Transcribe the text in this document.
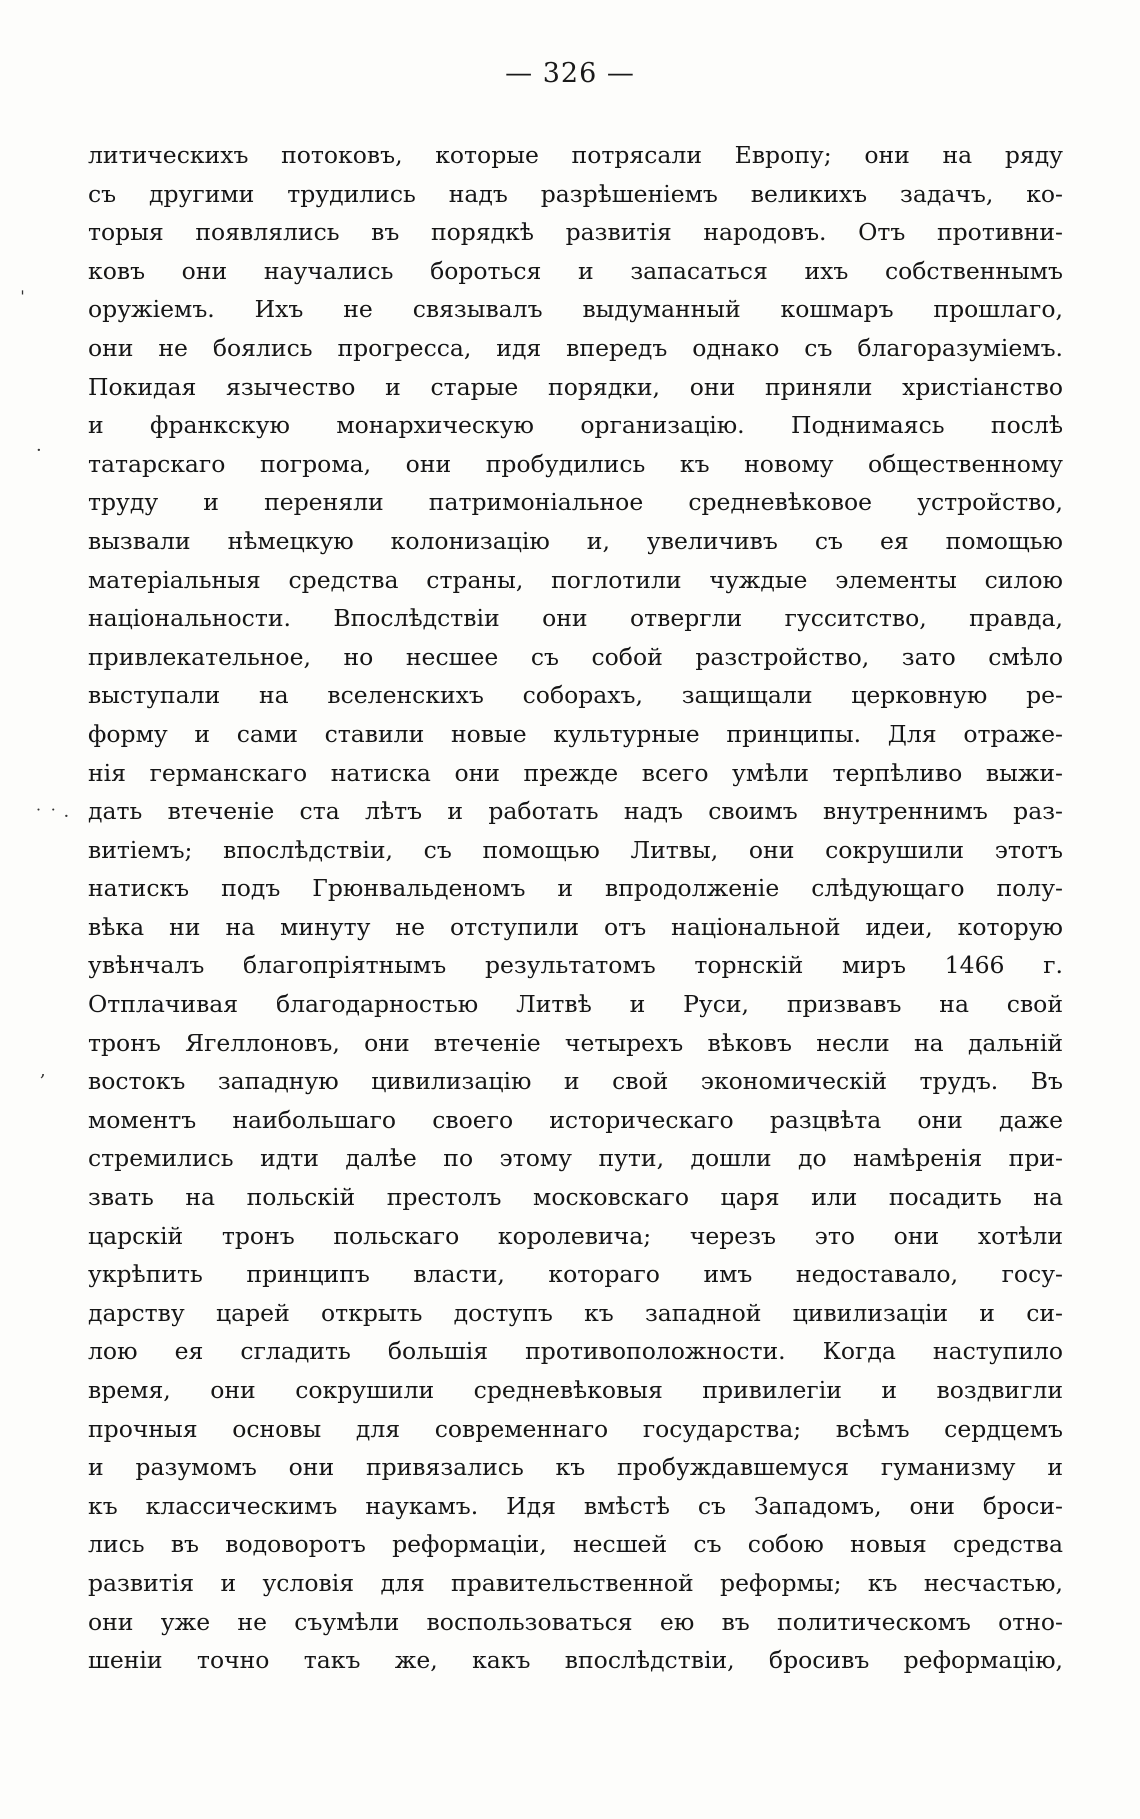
— 326 —
ˈ
·
˙ ˙ ·
,
литическихъ потоковъ, которые потрясали Европу; они на ряду
съ другими трудились надъ разрѣшеніемъ великихъ задачъ, ко-
торыя появлялись въ порядкѣ развитія народовъ. Отъ противни-
ковъ они научались бороться и запасаться ихъ собственнымъ
оружіемъ. Ихъ не связывалъ выдуманный кошмаръ прошлаго,
они не боялись прогресса, идя впередъ однако съ благоразуміемъ.
Покидая язычество и старые порядки, они приняли христіанство
и франкскую монархическую организацію. Поднимаясь послѣ
татарскаго погрома, они пробудились къ новому общественному
труду и переняли патримоніальное средневѣковое устройство,
вызвали нѣмецкую колонизацію и, увеличивъ съ ея помощью
матеріальныя средства страны, поглотили чуждые элементы силою
національности. Впослѣдствіи они отвергли гусситство, правда,
привлекательное, но несшее съ собой разстройство, зато смѣло
выступали на вселенскихъ соборахъ, защищали церковную ре-
форму и сами ставили новые культурные принципы. Для отраже-
нія германскаго натиска они прежде всего умѣли терпѣливо выжи-
дать втеченіе ста лѣтъ и работать надъ своимъ внутреннимъ раз-
витіемъ; впослѣдствіи, съ помощью Литвы, они сокрушили этотъ
натискъ подъ Грюнвальденомъ и впродолженіе слѣдующаго полу-
вѣка ни на минуту не отступили отъ національной идеи, которую
увѣнчалъ благопріятнымъ результатомъ торнскій миръ 1466 г.
Отплачивая благодарностью Литвѣ и Руси, призвавъ на свой
тронъ Ягеллоновъ, они втеченіе четырехъ вѣковъ несли на дальній
востокъ западную цивилизацію и свой экономическій трудъ. Въ
моментъ наибольшаго своего историческаго разцвѣта они даже
стремились идти далѣе по этому пути, дошли до намѣренія при-
звать на польскій престолъ московскаго царя или посадить на
царскій тронъ польскаго королевича; черезъ это они хотѣли
укрѣпить принципъ власти, котораго имъ недоставало, госу-
дарству царей открыть доступъ къ западной цивилизаціи и си-
лою ея сгладить большія противоположности. Когда наступило
время, они сокрушили средневѣковыя привилегіи и воздвигли
прочныя основы для современнаго государства; всѣмъ сердцемъ
и разумомъ они привязались къ пробуждавшемуся гуманизму и
къ классическимъ наукамъ. Идя вмѣстѣ съ Западомъ, они броси-
лись въ водоворотъ реформаціи, несшей съ собою новыя средства
развитія и условія для правительственной реформы; къ несчастью,
они уже не съумѣли воспользоваться ею въ политическомъ отно-
шеніи точно такъ же, какъ впослѣдствіи, бросивъ реформацію,
